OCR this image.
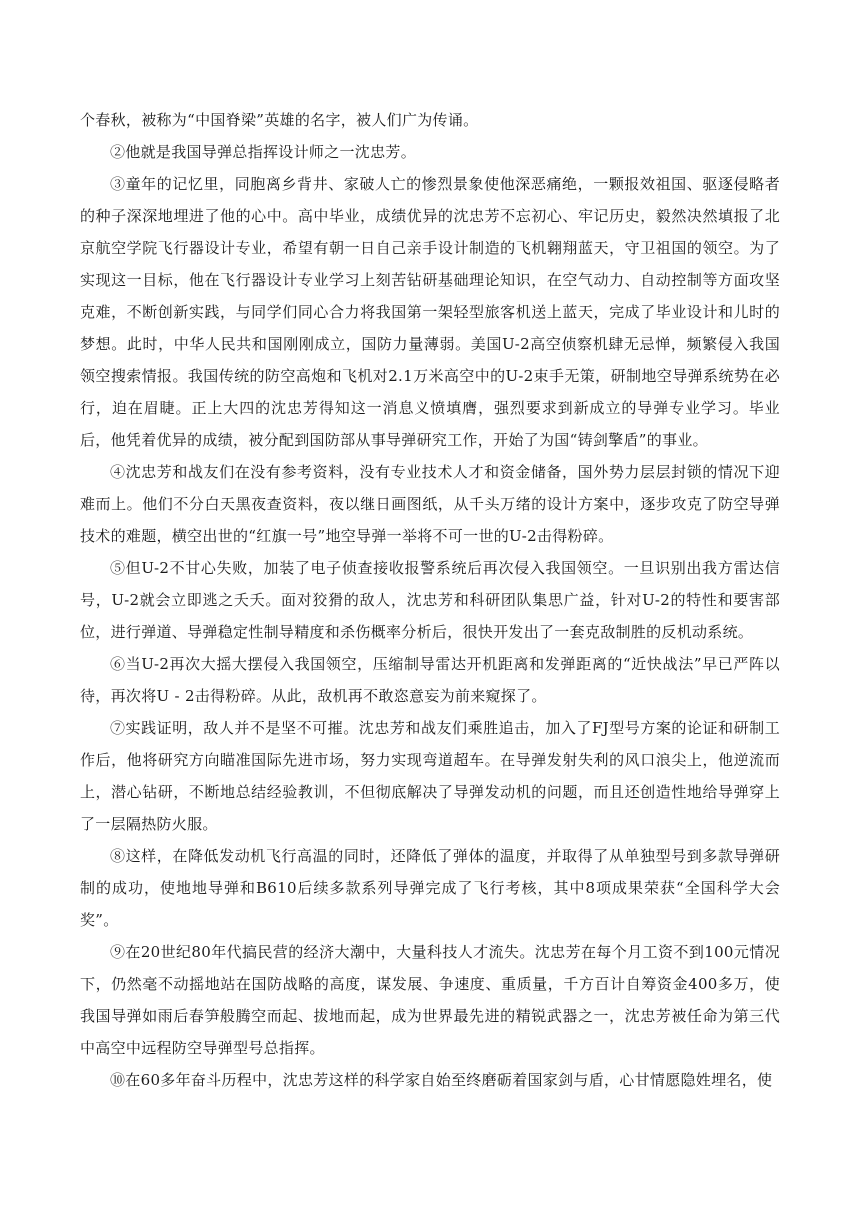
个春秋，被称为“中国脊梁”英雄的名字，被人们广为传诵。

②他就是我国导弹总指挥设计师之一沈忠芳。

③童年的记忆里，同胞离乡背井、家破人亡的惨烈景象使他深恶痛绝，一颗报效祖国、驱逐侵略者的种子深深地埋进了他的心中。高中毕业，成绩优异的沈忠芳不忘初心、牢记历史，毅然决然填报了北京航空学院飞行器设计专业，希望有朝一日自己亲手设计制造的飞机翱翔蓝天，守卫祖国的领空。为了实现这一目标，他在飞行器设计专业学习上刻苦钻研基础理论知识，在空气动力、自动控制等方面攻坚克难，不断创新实践，与同学们同心合力将我国第一架轻型旅客机送上蓝天，完成了毕业设计和儿时的梦想。此时，中华人民共和国刚刚成立，国防力量薄弱。美国U-2高空侦察机肆无忌惮，频繁侵入我国领空搜索情报。我国传统的防空高炮和飞机对2.1万米高空中的U-2束手无策，研制地空导弹系统势在必行，迫在眉睫。正上大四的沈忠芳得知这一消息义愤填膺，强烈要求到新成立的导弹专业学习。毕业后，他凭着优异的成绩，被分配到国防部从事导弹研究工作，开始了为国“铸剑擎盾”的事业。

④沈忠芳和战友们在没有参考资料，没有专业技术人才和资金储备，国外势力层层封锁的情况下迎难而上。他们不分白天黑夜查资料，夜以继日画图纸，从千头万绪的设计方案中，逐步攻克了防空导弹技术的难题，横空出世的“红旗一号”地空导弹一举将不可一世的U-2击得粉碎。

⑤但U-2不甘心失败，加装了电子侦查接收报警系统后再次侵入我国领空。一旦识别出我方雷达信号，U-2就会立即逃之夭夭。面对狡猾的敌人，沈忠芳和科研团队集思广益，针对U-2的特性和要害部位，进行弹道、导弹稳定性制导精度和杀伤概率分析后，很快开发出了一套克敌制胜的反机动系统。

⑥当U-2再次大摇大摆侵入我国领空，压缩制导雷达开机距离和发弹距离的“近快战法”早已严阵以待，再次将U - 2击得粉碎。从此，敌机再不敢恣意妄为前来窥探了。

⑦实践证明，敌人并不是坚不可摧。沈忠芳和战友们乘胜追击，加入了FJ型号方案的论证和研制工作后，他将研究方向瞄准国际先进市场，努力实现弯道超车。在导弹发射失利的风口浪尖上，他逆流而上，潜心钻研，不断地总结经验教训，不但彻底解决了导弹发动机的问题，而且还创造性地给导弹穿上了一层隔热防火服。

⑧这样，在降低发动机飞行高温的同时，还降低了弹体的温度，并取得了从单独型号到多款导弹研制的成功，使地地导弹和B610后续多款系列导弹完成了飞行考核，其中8项成果荣获“全国科学大会奖”。

⑨在20世纪80年代搞民营的经济大潮中，大量科技人才流失。沈忠芳在每个月工资不到100元情况下，仍然毫不动摇地站在国防战略的高度，谋发展、争速度、重质量，千方百计自筹资金400多万，使我国导弹如雨后春笋般腾空而起、拔地而起，成为世界最先进的精锐武器之一，沈忠芳被任命为第三代中高空中远程防空导弹型号总指挥。

⑩在60多年奋斗历程中，沈忠芳这样的科学家自始至终磨砺着国家剑与盾，心甘情愿隐姓埋名，使
